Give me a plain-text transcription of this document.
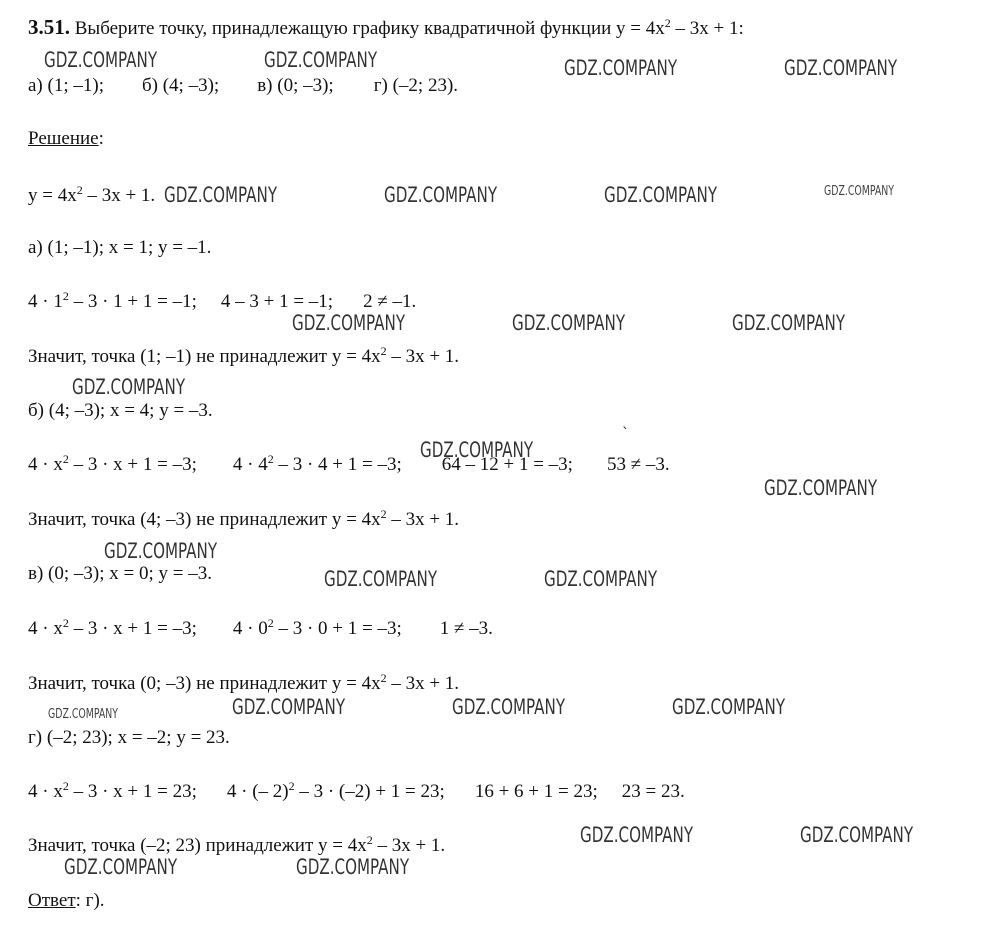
3.51. Выберите точку, принадлежащую графику квадратичной функции $y = 4x^2 - 3x + 1$:
а) (1; –1); б) (4; –3); в) (0; –3); г) (–2; 23).
Решение:
$y = 4x^2 - 3x + 1$.
а) (1; –1); x = 1; y = –1.
$4 \cdot 1^2 - 3 \cdot 1 + 1 = -1$; 4 – 3 + 1 = –1; 2 ≠ –1.
Значит, точка (1; –1) не принадлежит $y = 4x^2 - 3x + 1$.
б) (4; –3); x = 4; y = –3.
$4 \cdot x^2 - 3 \cdot x + 1 = -3$; $4 \cdot 4^2 - 3 \cdot 4 + 1 = -3$; 64 – 12 + 1 = –3; 53 ≠ –3.
Значит, точка (4; –3) не принадлежит $y = 4x^2 - 3x + 1$.
в) (0; –3); x = 0; y = –3.
$4 \cdot x^2 - 3 \cdot x + 1 = -3$; $4 \cdot 0^2 - 3 \cdot 0 + 1 = -3$; 1 ≠ –3.
Значит, точка (0; –3) не принадлежит $y = 4x^2 - 3x + 1$.
г) (–2; 23); x = –2; y = 23.
$4 \cdot x^2 - 3 \cdot x + 1 = 23$; 4 · (– 2)$^2$ – 3 · (–2) + 1 = 23; 16 + 6 + 1 = 23; 23 = 23.
Значит, точка (–2; 23) принадлежит $y = 4x^2 - 3x + 1$.
Ответ: г).
GDZ.COMPANY	GDZ.COMPANY	GDZ.COMPANY	GDZ.COMPANY
GDZ.COMPANY	GDZ.COMPANY	GDZ.COMPANY	GDZ.COMPANY
GDZ.COMPANY	GDZ.COMPANY	GDZ.COMPANY
GDZ.COMPANY
GDZ.COMPANY
GDZ.COMPANY
GDZ.COMPANY
GDZ.COMPANY	GDZ.COMPANY
GDZ.COMPANY	GDZ.COMPANY	GDZ.COMPANY	GDZ.COMPANY
GDZ.COMPANY	GDZ.COMPANY
GDZ.COMPANY	GDZ.COMPANY
`
